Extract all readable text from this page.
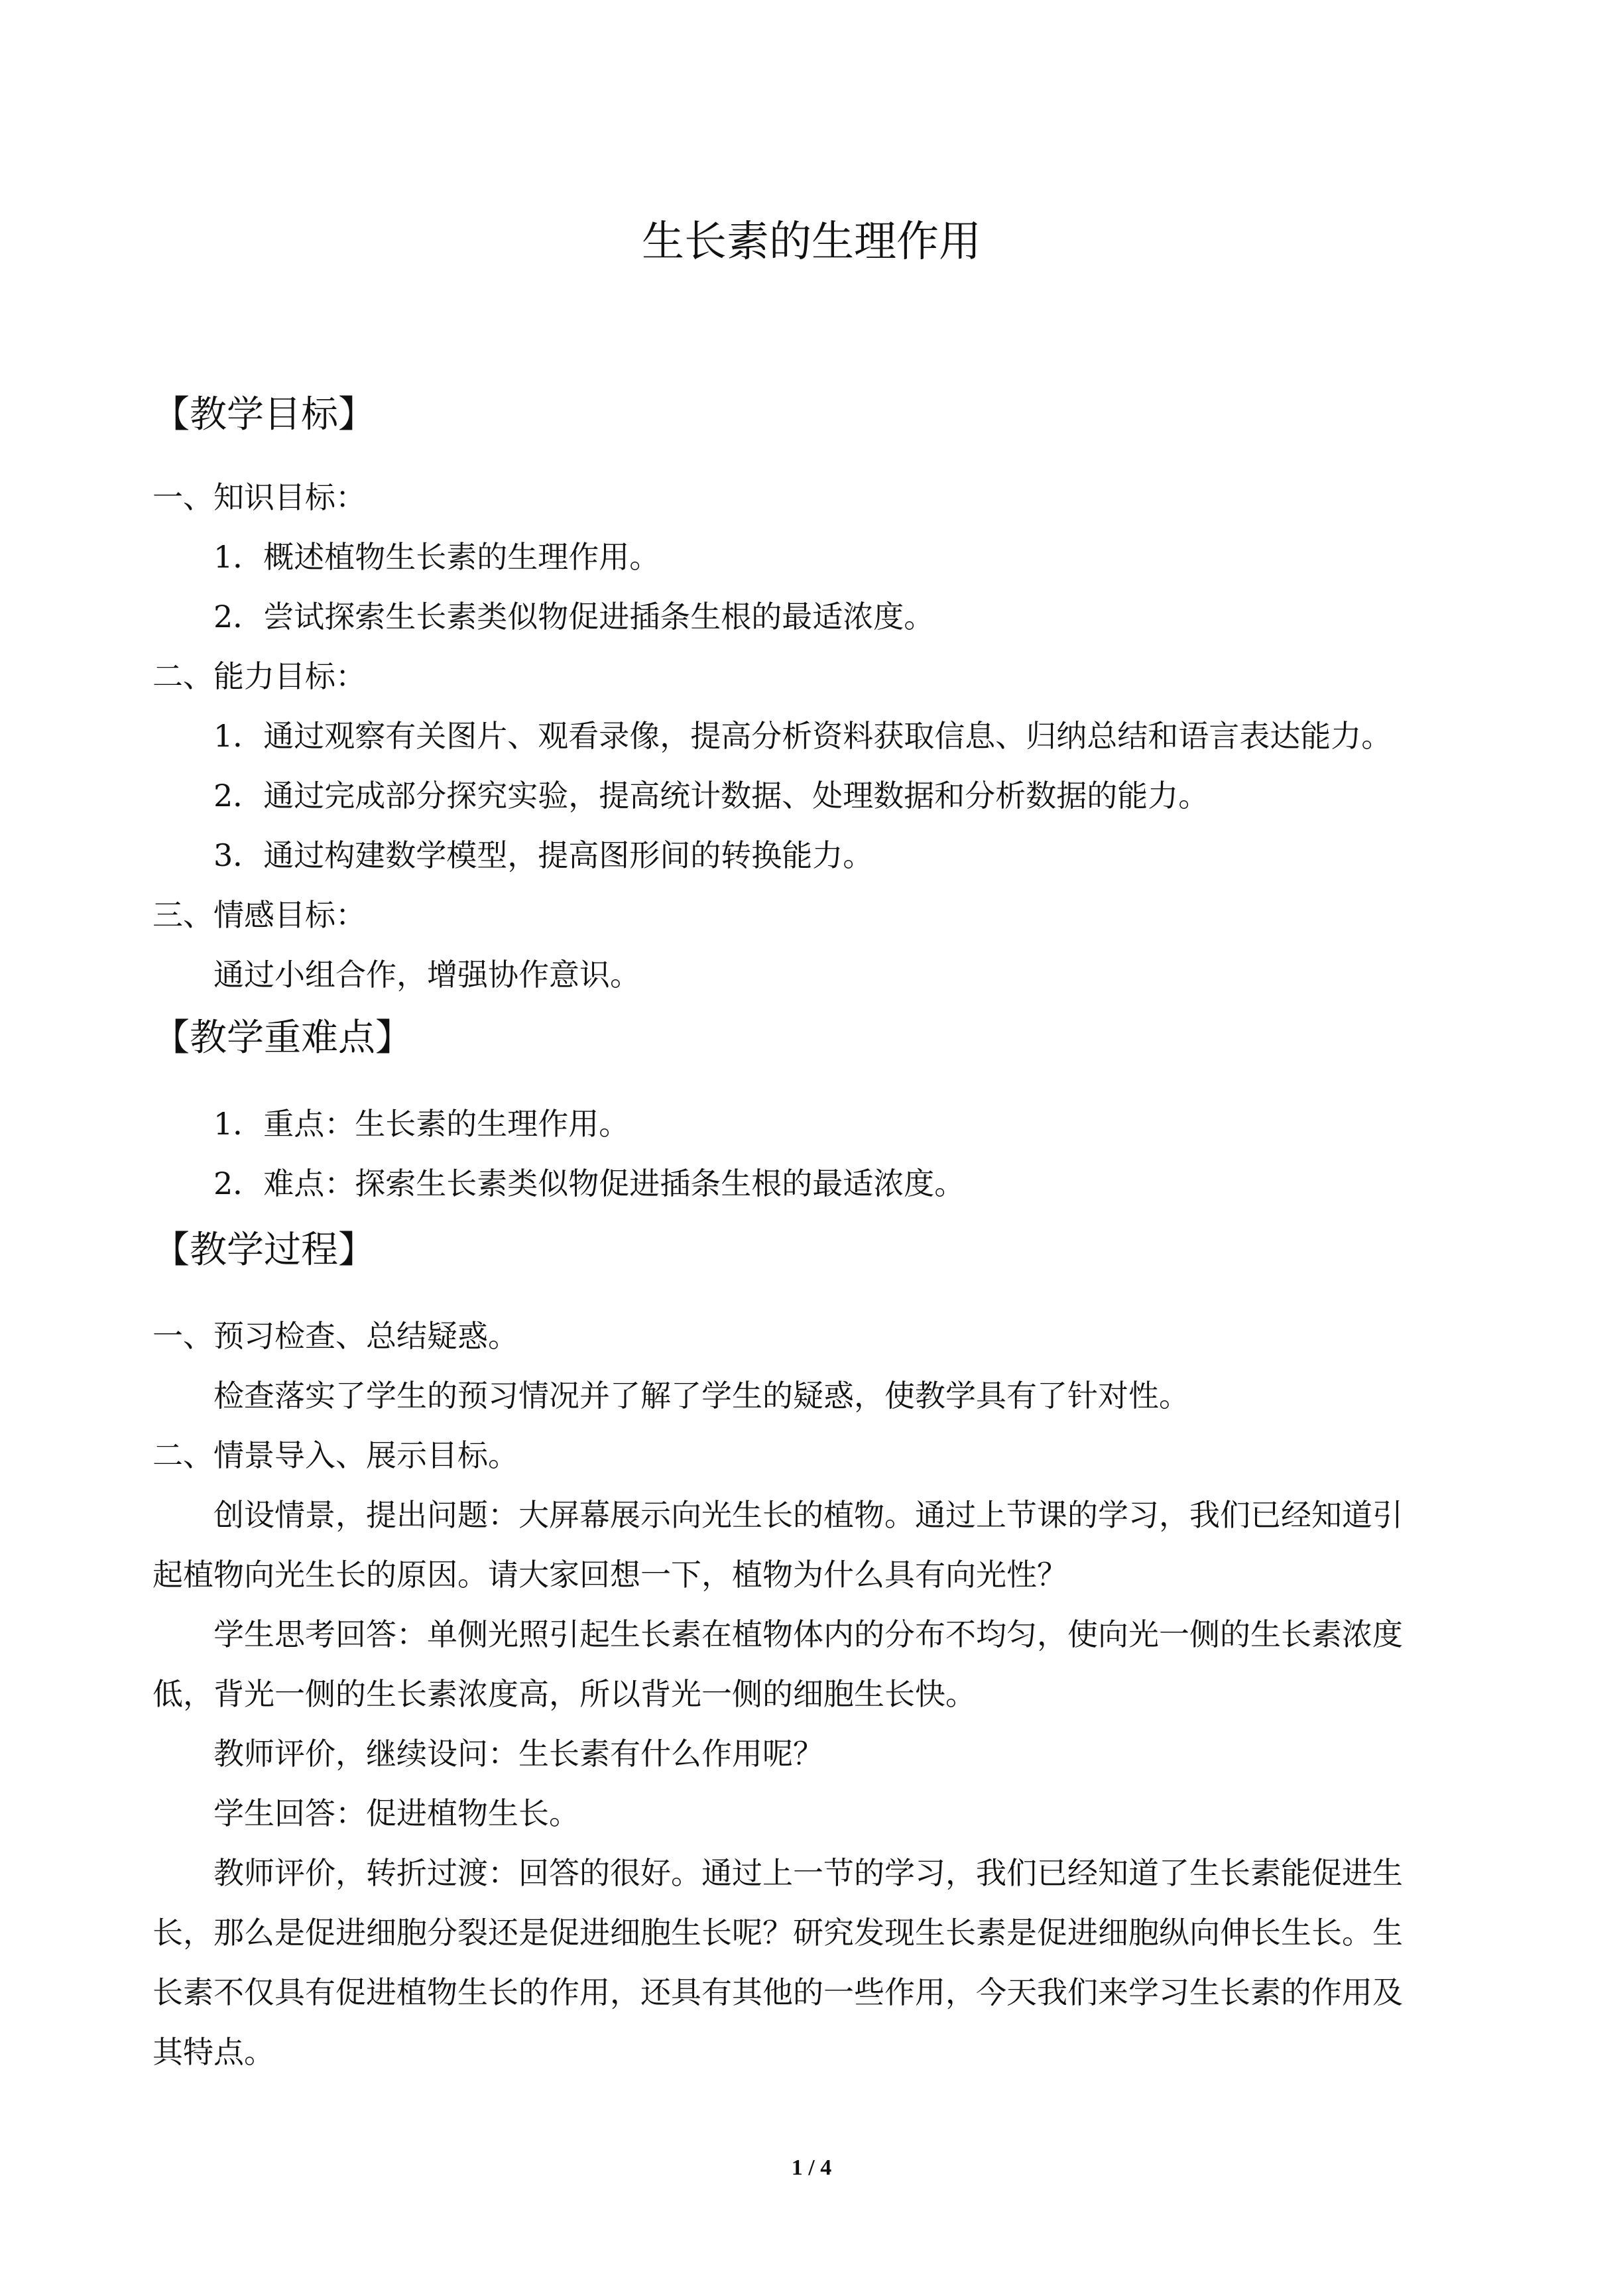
生长素的生理作用
【教学目标】
一、知识目标：
1．概述植物生长素的生理作用。
2．尝试探索生长素类似物促进插条生根的最适浓度。
二、能力目标：
1．通过观察有关图片、观看录像，提高分析资料获取信息、归纳总结和语言表达能力。
2．通过完成部分探究实验，提高统计数据、处理数据和分析数据的能力。
3．通过构建数学模型，提高图形间的转换能力。
三、情感目标：
通过小组合作，增强协作意识。
【教学重难点】
1．重点：生长素的生理作用。
2．难点：探索生长素类似物促进插条生根的最适浓度。
【教学过程】
一、预习检查、总结疑惑。
检查落实了学生的预习情况并了解了学生的疑惑，使教学具有了针对性。
二、情景导入、展示目标。
创设情景，提出问题：大屏幕展示向光生长的植物。通过上节课的学习，我们已经知道引
起植物向光生长的原因。请大家回想一下，植物为什么具有向光性？
学生思考回答：单侧光照引起生长素在植物体内的分布不均匀，使向光一侧的生长素浓度
低，背光一侧的生长素浓度高，所以背光一侧的细胞生长快。
教师评价，继续设问：生长素有什么作用呢？
学生回答：促进植物生长。
教师评价，转折过渡：回答的很好。通过上一节的学习，我们已经知道了生长素能促进生
长，那么是促进细胞分裂还是促进细胞生长呢？研究发现生长素是促进细胞纵向伸长生长。生
长素不仅具有促进植物生长的作用，还具有其他的一些作用，今天我们来学习生长素的作用及
其特点。
1 / 4
